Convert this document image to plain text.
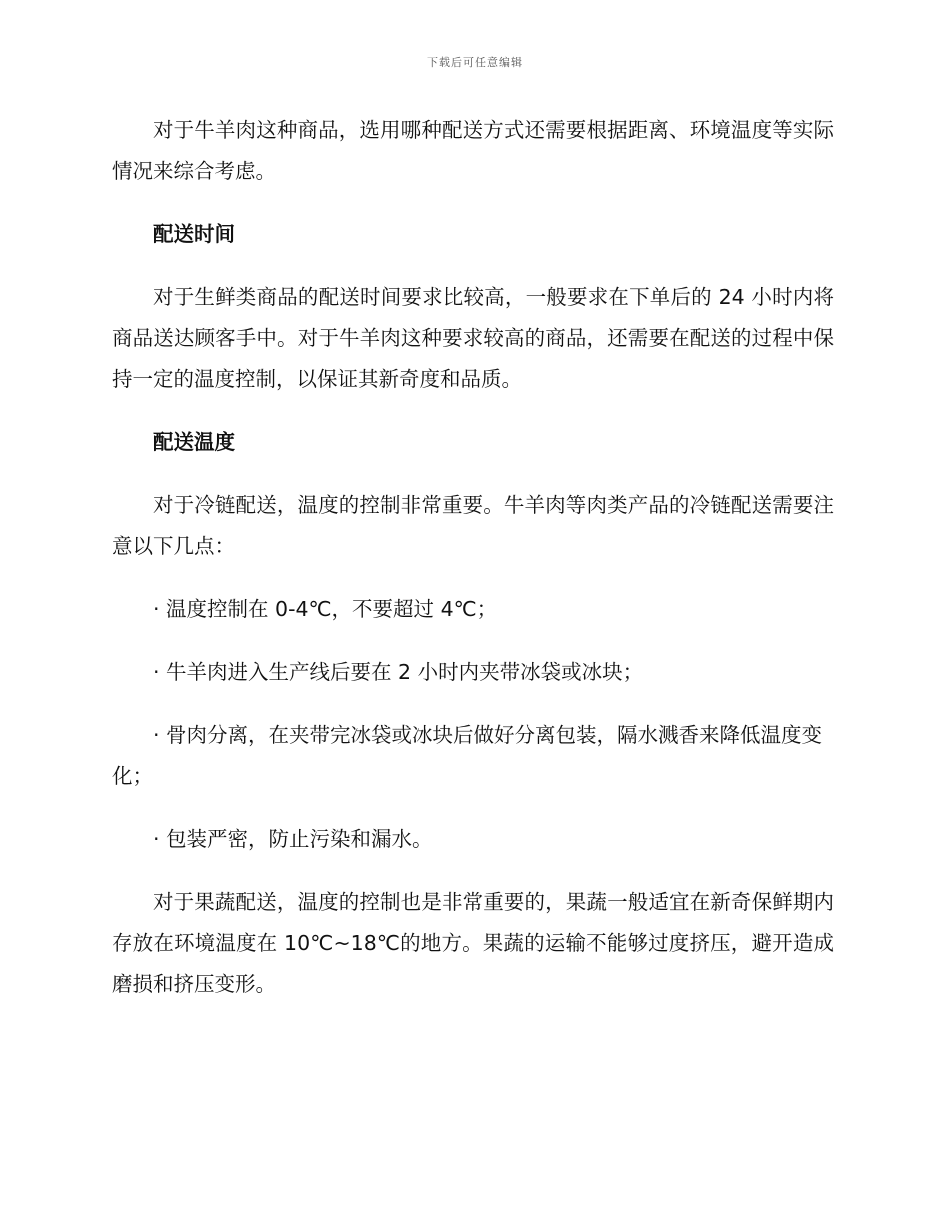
下载后可任意编辑

对于牛羊肉这种商品，选用哪种配送方式还需要根据距离、环境温度等实际情况来综合考虑。

配送时间

对于生鲜类商品的配送时间要求比较高，一般要求在下单后的 24 小时内将商品送达顾客手中。对于牛羊肉这种要求较高的商品，还需要在配送的过程中保持一定的温度控制，以保证其新奇度和品质。

配送温度

对于冷链配送，温度的控制非常重要。牛羊肉等肉类产品的冷链配送需要注意以下几点：

· 温度控制在 0-4℃，不要超过 4℃；

· 牛羊肉进入生产线后要在 2 小时内夹带冰袋或冰块；

· 骨肉分离，在夹带完冰袋或冰块后做好分离包装，隔水溅香来降低温度变化；

· 包装严密，防止污染和漏水。

对于果蔬配送，温度的控制也是非常重要的，果蔬一般适宜在新奇保鲜期内存放在环境温度在 10℃~18℃的地方。果蔬的运输不能够过度挤压，避开造成磨损和挤压变形。
